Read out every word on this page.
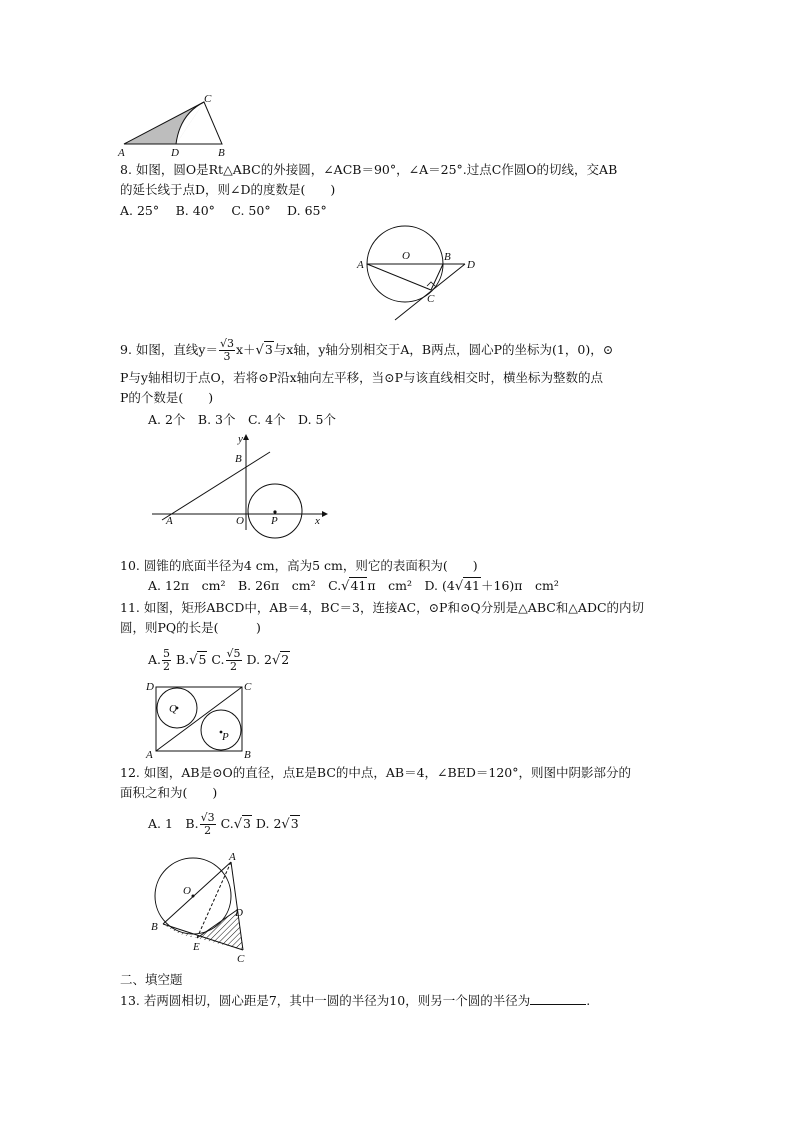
A	D	B
C
8. 如图，圆O是Rt△ABC的外接圆，∠ACB＝90°，∠A＝25°.过点C作圆O的切线，交AB
的延长线于点D，则∠D的度数是(　　)
A. 25°　 B. 40°　 C. 50°　 D. 65°
A
O	B
D
C
9. 如图，直线$y= \frac{√3}{3} x+√3$与x轴，y轴分别相交于A，B两点，圆心P的坐标为(1，0)，⊙
P与y轴相切于点O，若将⊙P沿x轴向左平移，当⊙P与该直线相交时，横坐标为整数的点
P的个数是(　　)
A. 2个　B. 3个　C. 4个　D. 5个
y
B
A	O P	x
10. 圆锥的底面半径为4 cm，高为5 cm，则它的表面积为(　　)
A. 12π　cm²　B. 26π　cm²　C.√41π　cm²　D. (4√41＋16)π　cm²
11. 如图，矩形ABCD中，AB＝4，BC＝3，连接AC，⊙P和⊙Q分别是△ABC和△ADC的内切
圆，则PQ的长是(　　　)
A. $\frac{5}{2} B.√5$ C. $\frac{√5}{2} D$. 2√2
D	C
A	B
Q
P
12. 如图，AB是⊙O的直径，点E是BC的中点，AB＝4，∠BED＝120°，则图中阴影部分的
面积之和为(　　)
A. 1　B. $\frac{√3}{2} C.√3$ D. 2√3
A
O
D
B
E
C
二、填空题
13. 若两圆相切，圆心距是7，其中一圆的半径为10，则另一个圆的半径为	.
